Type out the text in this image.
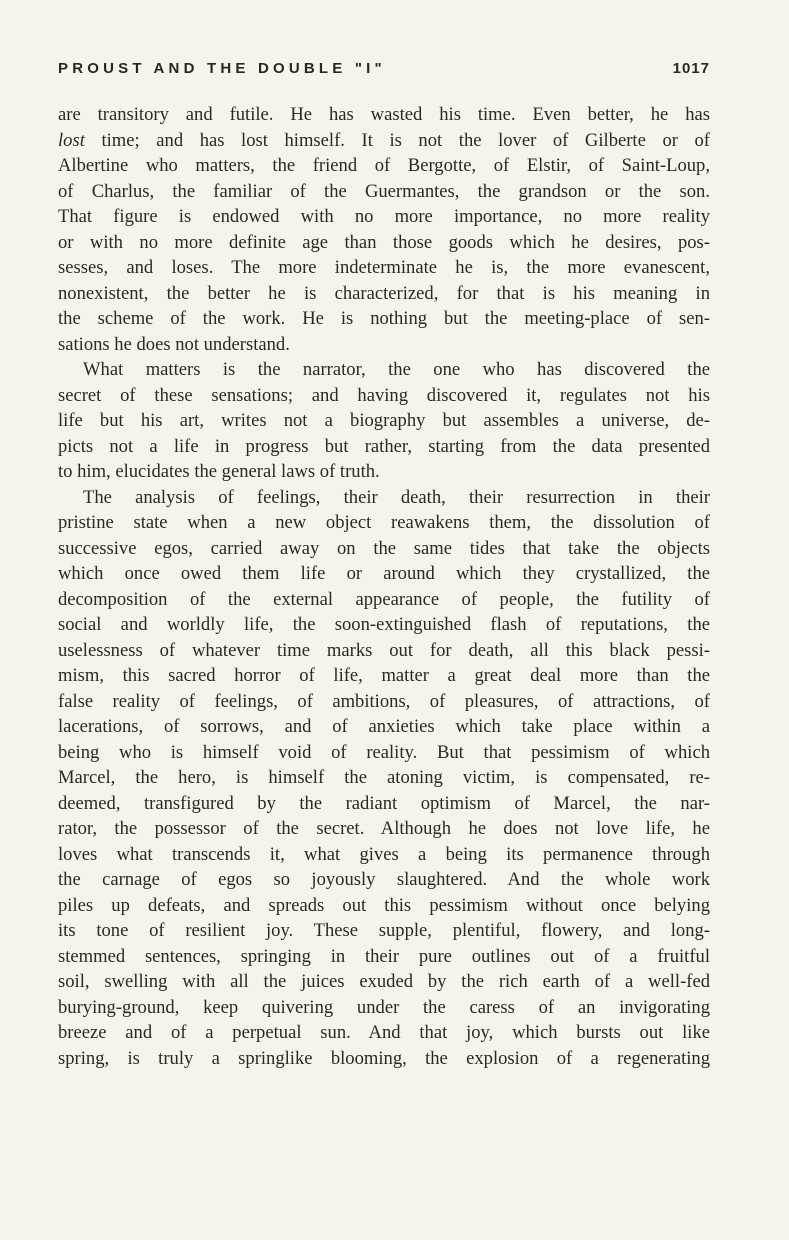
PROUST AND THE DOUBLE "I"	1017

are transitory and futile. He has wasted his time. Even better, he has
lost time; and has lost himself. It is not the lover of Gilberte or of
Albertine who matters, the friend of Bergotte, of Elstir, of Saint-Loup,
of Charlus, the familiar of the Guermantes, the grandson or the son.
That figure is endowed with no more importance, no more reality
or with no more definite age than those goods which he desires, pos-
sesses, and loses. The more indeterminate he is, the more evanescent,
nonexistent, the better he is characterized, for that is his meaning in
the scheme of the work. He is nothing but the meeting-place of sen-
sations he does not understand.

What matters is the narrator, the one who has discovered the
secret of these sensations; and having discovered it, regulates not his
life but his art, writes not a biography but assembles a universe, de-
picts not a life in progress but rather, starting from the data presented
to him, elucidates the general laws of truth.

The analysis of feelings, their death, their resurrection in their
pristine state when a new object reawakens them, the dissolution of
successive egos, carried away on the same tides that take the objects
which once owed them life or around which they crystallized, the
decomposition of the external appearance of people, the futility of
social and worldly life, the soon-extinguished flash of reputations, the
uselessness of whatever time marks out for death, all this black pessi-
mism, this sacred horror of life, matter a great deal more than the
false reality of feelings, of ambitions, of pleasures, of attractions, of
lacerations, of sorrows, and of anxieties which take place within a
being who is himself void of reality. But that pessimism of which
Marcel, the hero, is himself the atoning victim, is compensated, re-
deemed, transfigured by the radiant optimism of Marcel, the nar-
rator, the possessor of the secret. Although he does not love life, he
loves what transcends it, what gives a being its permanence through
the carnage of egos so joyously slaughtered. And the whole work
piles up defeats, and spreads out this pessimism without once belying
its tone of resilient joy. These supple, plentiful, flowery, and long-
stemmed sentences, springing in their pure outlines out of a fruitful
soil, swelling with all the juices exuded by the rich earth of a well-fed
burying-ground, keep quivering under the caress of an invigorating
breeze and of a perpetual sun. And that joy, which bursts out like
spring, is truly a springlike blooming, the explosion of a regenerating
